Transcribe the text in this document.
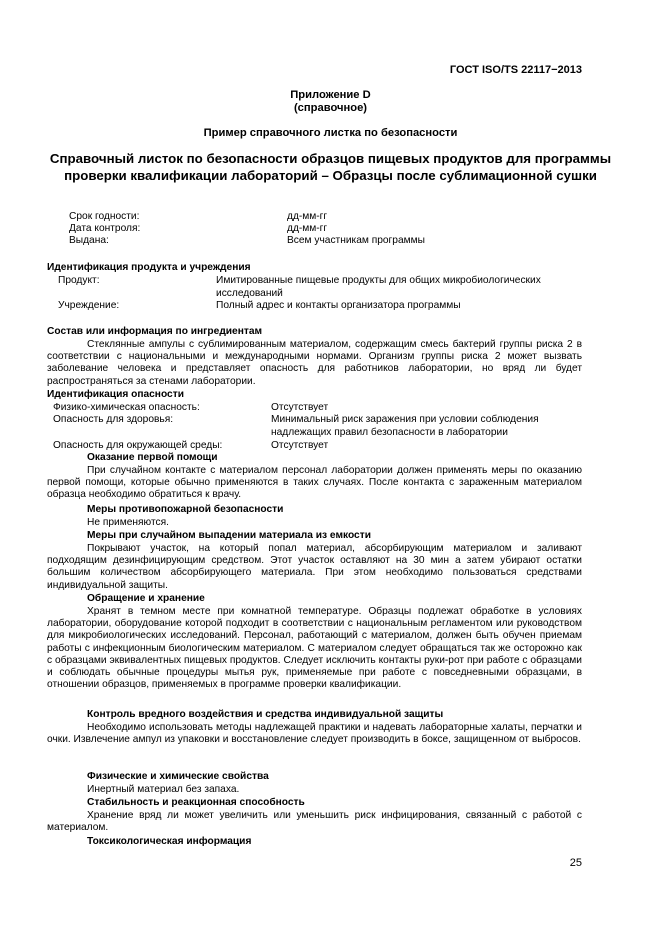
ГОСТ ISO/TS 22117−2013
Приложение D
(справочное)
Пример справочного листка по безопасности
Справочный листок по безопасности образцов пищевых продуктов для программы проверки квалификации лабораторий – Образцы после сублимационной сушки
Срок годности:	дд-мм-гг
Дата контроля:	дд-мм-гг
Выдана:	Всем участникам программы
Идентификация продукта и учреждения
Продукт:	Имитированные пищевые продукты для общих микробиологических
исследований
Учреждение:	Полный адрес и контакты организатора программы
Состав или информация по ингредиентам
Стеклянные ампулы с сублимированным материалом, содержащим смесь бактерий группы риска 2 в соответствии с национальными и международными нормами. Организм группы риска 2 может вызвать заболевание человека и представляет опасность для работников лаборатории, но вряд ли будет распространяться за стенами лаборатории.
Идентификация опасности
Физико-химическая опасность:	Отсутствует
Опасность для здоровья:	Минимальный риск заражения при условии соблюдения
надлежащих правил безопасности в лаборатории
Опасность для окружающей среды:	Отсутствует
Оказание первой помощи
При случайном контакте с материалом персонал лаборатории должен применять меры по оказанию первой помощи, которые обычно применяются в таких случаях. После контакта с зараженным материалом образца необходимо обратиться к врачу.
Меры противопожарной безопасности
Не применяются.
Меры при случайном выпадении материала из емкости
Покрывают участок, на который попал материал, абсорбирующим материалом и заливают подходящим дезинфицирующим средством. Этот участок оставляют на 30 мин а затем убирают остатки большим количеством абсорбирующего материала. При этом необходимо пользоваться средствами индивидуальной защиты.
Обращение и хранение
Хранят в темном месте при комнатной температуре. Образцы подлежат обработке в условиях лаборатории, оборудование которой подходит в соответствии с национальным регламентом или руководством для микробиологических исследований. Персонал, работающий с материалом, должен быть обучен приемам работы с инфекционным биологическим материалом. С материалом следует обращаться так же осторожно как с образцами эквивалентных пищевых продуктов. Следует исключить контакты руки-рот при работе с образцами и соблюдать обычные процедуры мытья рук, применяемые при работе с повседневными образцами, в отношении образцов, применяемых в программе проверки квалификации.
Контроль вредного воздействия и средства индивидуальной защиты
Необходимо использовать методы надлежащей практики и надевать лабораторные халаты, перчатки и очки. Извлечение ампул из упаковки и восстановление следует производить в боксе, защищенном от выбросов.
Физические и химические свойства
Инертный материал без запаха.
Стабильность и реакционная способность
Хранение вряд ли может увеличить или уменьшить риск инфицирования, связанный с работой с материалом.
Токсикологическая информация
25
